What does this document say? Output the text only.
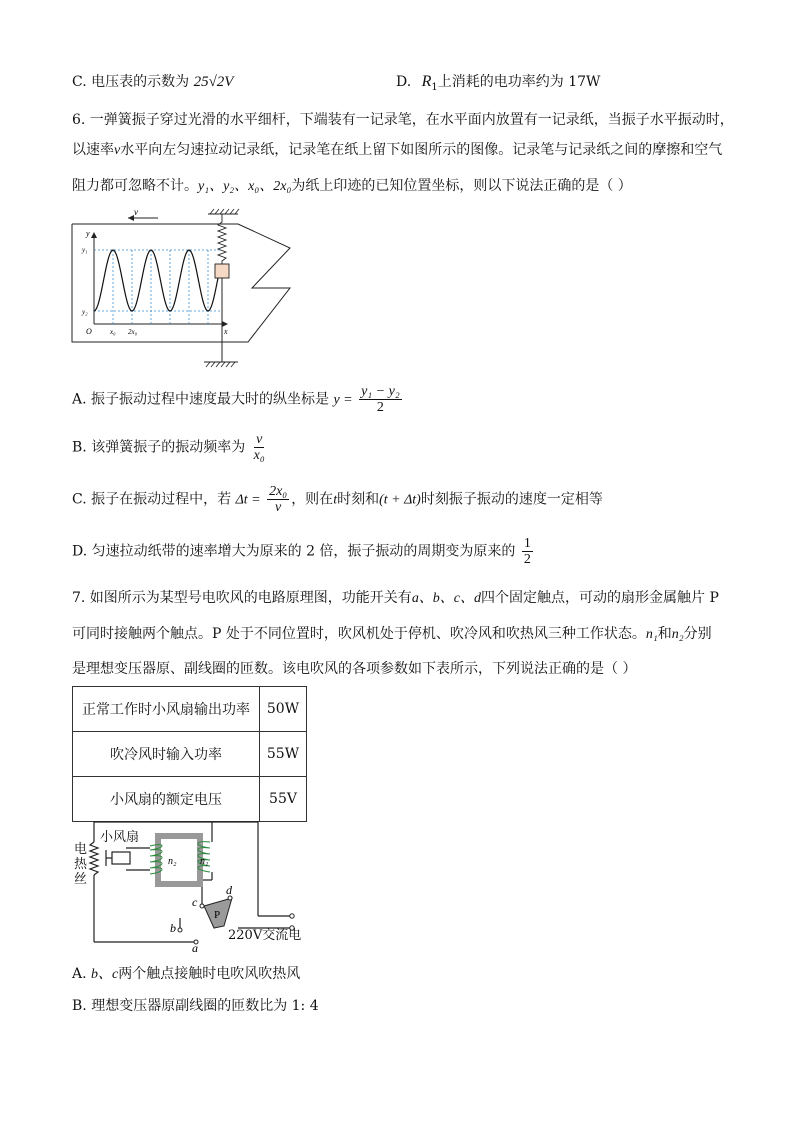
C. 电压表的示数为 25√2V	D. $R_1$上消耗的电功率约为 17W
6. 一弹簧振子穿过光滑的水平细杆，下端装有一记录笔，在水平面内放置有一记录纸，当振子水平振动时，
以速率v水平向左匀速拉动记录纸，记录笔在纸上留下如图所示的图像。记录笔与记录纸之间的摩擦和空气
阻力都可忽略不计。y₁、y₂、x₀、2x₀为纸上印迹的已知位置坐标，则以下说法正确的是（ ）
v
y
x
O
y₁
y₂
x₀ 2x₀
A. 振子振动过程中速度最大时的纵坐标是 $y = \frac{\text{y₁ − y₂}}{2}$
B. 该弹簧振子的振动频率为 $\frac{v}{\text{x₀}}$
C. 振子在振动过程中，若 $\Delta t = \frac{\text{2x₀}}{v}$ ，则在t时刻和(t + Δt)时刻振子振动的速度一定相等
D. 匀速拉动纸带的速率增大为原来的 2 倍，振子振动的周期变为原来的 $\frac{1}{2}$
7. 如图所示为某型号电吹风的电路原理图，功能开关有a、b、c、d四个固定触点，可动的扇形金属触片 P
可同时接触两个触点。P 处于不同位置时，吹风机处于停机、吹冷风和吹热风三种工作状态。n₁和n₂分别
是理想变压器原、副线圈的匝数。该电吹风的各项参数如下表所示，下列说法正确的是（ ）
正常工作时小风扇输出功率	50W
吹冷风时输入功率	55W
小风扇的额定电压	55V
n₂ n₁
P
b
a
c
d
小风扇
电热丝
220V交流电
A. b、c两个触点接触时电吹风吹热风
B. 理想变压器原副线圈的匝数比为 1: 4
